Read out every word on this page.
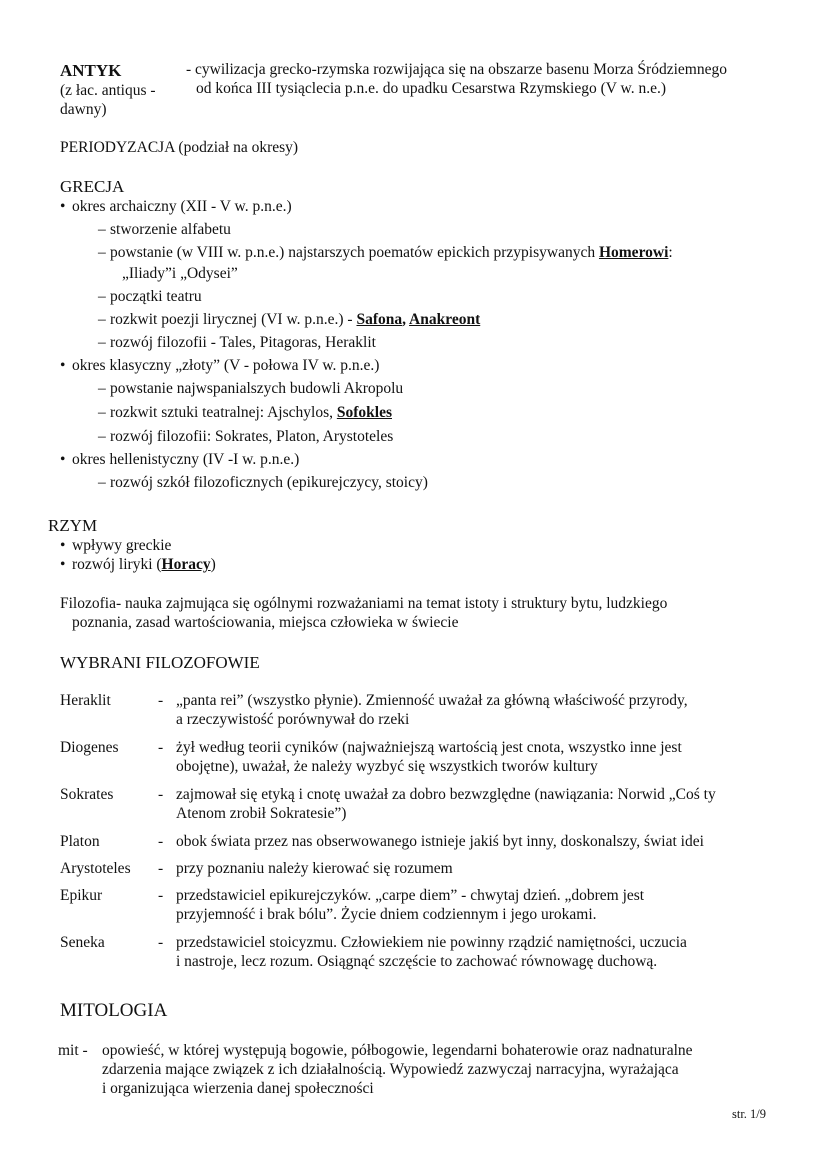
ANTYK
(z łac. antiqus -
dawny)
- cywilizacja grecko-rzymska rozwijająca się na obszarze basenu Morza Śródziemnego
od końca III tysiąclecia p.n.e. do upadku Cesarstwa Rzymskiego (V w. n.e.)
PERIODYZACJA (podział na okresy)
GRECJA
• okres archaiczny (XII - V w. p.n.e.)
– stworzenie alfabetu
– powstanie (w VIII w. p.n.e.) najstarszych poematów epickich przypisywanych Homerowi:
„Iliady”i „Odysei”
– początki teatru
– rozkwit poezji lirycznej (VI w. p.n.e.) - Safona, Anakreont
– rozwój filozofii - Tales, Pitagoras, Heraklit
• okres klasyczny „złoty” (V - połowa IV w. p.n.e.)
– powstanie najwspanialszych budowli Akropolu
– rozkwit sztuki teatralnej: Ajschylos, Sofokles
– rozwój filozofii: Sokrates, Platon, Arystoteles
• okres hellenistyczny (IV -I w. p.n.e.)
– rozwój szkół filozoficznych (epikurejczycy, stoicy)
RZYM
• wpływy greckie
• rozwój liryki (Horacy)
Filozofia- nauka zajmująca się ogólnymi rozważaniami na temat istoty i struktury bytu, ludzkiego
poznania, zasad wartościowania, miejsca człowieka w świecie
WYBRANI FILOZOFOWIE
Heraklit	- „panta rei” (wszystko płynie). Zmienność uważał za główną właściwość przyrody,
a rzeczywistość porównywał do rzeki
Diogenes	- żył według teorii cyników (najważniejszą wartością jest cnota, wszystko inne jest
obojętne), uważał, że należy wyzbyć się wszystkich tworów kultury
Sokrates	- zajmował się etyką i cnotę uważał za dobro bezwzględne (nawiązania: Norwid „Coś ty
Atenom zrobił Sokratesie”)
Platon	- obok świata przez nas obserwowanego istnieje jakiś byt inny, doskonalszy, świat idei
Arystoteles - przy poznaniu należy kierować się rozumem
Epikur	- przedstawiciel epikurejczyków. „carpe diem” - chwytaj dzień. „dobrem jest
przyjemność i brak bólu”. Życie dniem codziennym i jego urokami.
Seneka	- przedstawiciel stoicyzmu. Człowiekiem nie powinny rządzić namiętności, uczucia
i nastroje, lecz rozum. Osiągnąć szczęście to zachować równowagę duchową.
MITOLOGIA
mit - opowieść, w której występują bogowie, półbogowie, legendarni bohaterowie oraz nadnaturalne
zdarzenia mające związek z ich działalnością. Wypowiedź zazwyczaj narracyjna, wyrażająca
i organizująca wierzenia danej społeczności
str. 1/9
